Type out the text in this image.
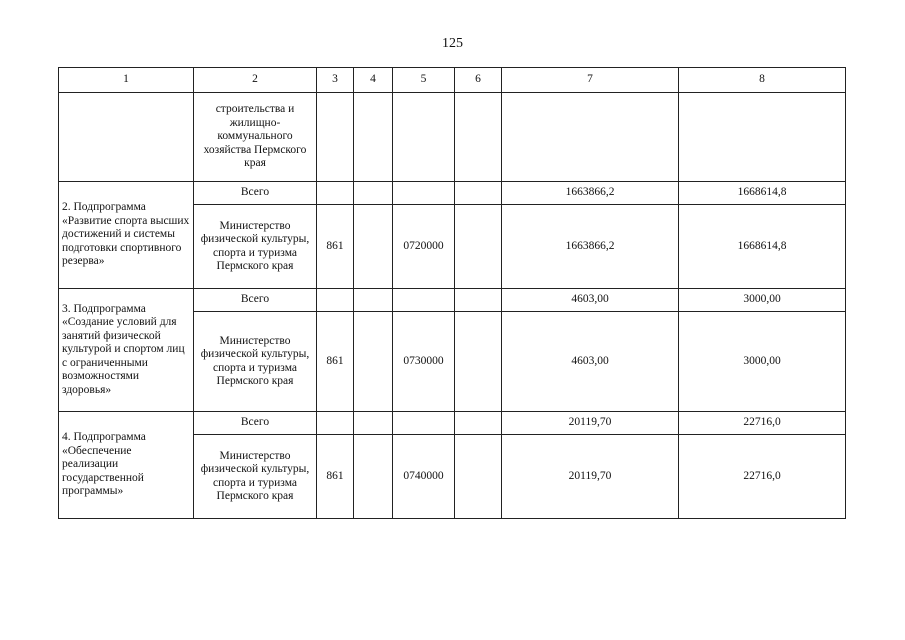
125
1	2	3	4	5	6	7	8
	строительства и жилищно-коммунального хозяйства Пермского края						
2. Подпрограмма «Развитие спорта высших достижений и системы подготовки спортивного резерва»	Всего					1663866,2	1668614,8
	Министерство физической культуры, спорта и туризма Пермского края	861		0720000		1663866,2	1668614,8
3. Подпрограмма «Создание условий для занятий физической культурой и спортом лиц с ограниченными возможностями здоровья»	Всего					4603,00	3000,00
	Министерство физической культуры, спорта и туризма Пермского края	861		0730000		4603,00	3000,00
4. Подпрограмма «Обеспечение реализации государственной программы»	Всего					20119,70	22716,0
	Министерство физической культуры, спорта и туризма Пермского края	861		0740000		20119,70	22716,0
